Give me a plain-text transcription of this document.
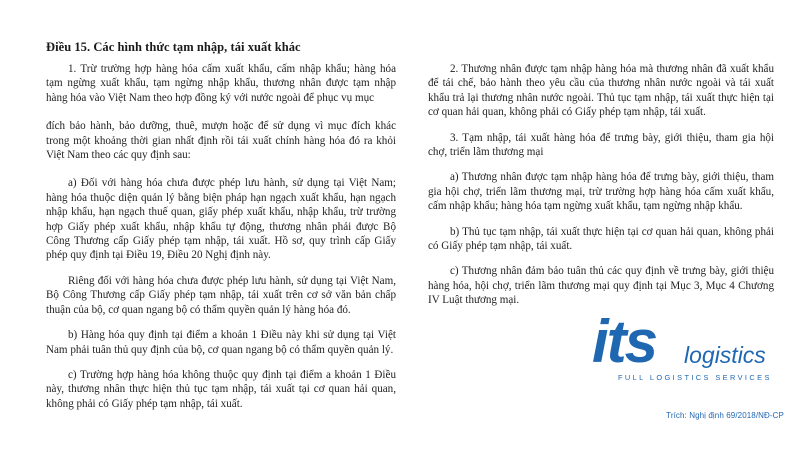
Điều 15. Các hình thức tạm nhập, tái xuất khác

1. Trừ trường hợp hàng hóa cấm xuất khẩu, cấm nhập khẩu; hàng hóa tạm ngừng xuất khẩu, tạm ngừng nhập khẩu, thương nhân được tạm nhập hàng hóa vào Việt Nam theo hợp đồng ký với nước ngoài để phục vụ mục

đích bảo hành, bảo dưỡng, thuê, mượn hoặc để sử dụng vì mục đích khác trong một khoảng thời gian nhất định rồi tái xuất chính hàng hóa đó ra khỏi Việt Nam theo các quy định sau:

a) Đối với hàng hóa chưa được phép lưu hành, sử dụng tại Việt Nam; hàng hóa thuộc diện quản lý bằng biện pháp hạn ngạch xuất khẩu, hạn ngạch nhập khẩu, hạn ngạch thuế quan, giấy phép xuất khẩu, nhập khẩu, trừ trường hợp Giấy phép xuất khẩu, nhập khẩu tự động, thương nhân phải được Bộ Công Thương cấp Giấy phép tạm nhập, tái xuất. Hồ sơ, quy trình cấp Giấy phép quy định tại Điều 19, Điều 20 Nghị định này.

Riêng đối với hàng hóa chưa được phép lưu hành, sử dụng tại Việt Nam, Bộ Công Thương cấp Giấy phép tạm nhập, tái xuất trên cơ sở văn bản chấp thuận của bộ, cơ quan ngang bộ có thẩm quyền quản lý hàng hóa đó.

b) Hàng hóa quy định tại điểm a khoản 1 Điều này khi sử dụng tại Việt Nam phải tuân thủ quy định của bộ, cơ quan ngang bộ có thẩm quyền quản lý.

c) Trường hợp hàng hóa không thuộc quy định tại điểm a khoản 1 Điều này, thương nhân thực hiện thủ tục tạm nhập, tái xuất tại cơ quan hải quan, không phải có Giấy phép tạm nhập, tái xuất.

2. Thương nhân được tạm nhập hàng hóa mà thương nhân đã xuất khẩu để tái chế, bảo hành theo yêu cầu của thương nhân nước ngoài và tái xuất khẩu trả lại thương nhân nước ngoài. Thủ tục tạm nhập, tái xuất thực hiện tại cơ quan hải quan, không phải có Giấy phép tạm nhập, tái xuất.

3. Tạm nhập, tái xuất hàng hóa để trưng bày, giới thiệu, tham gia hội chợ, triển lãm thương mại

a) Thương nhân được tạm nhập hàng hóa để trưng bày, giới thiệu, tham gia hội chợ, triển lãm thương mại, trừ trường hợp hàng hóa cấm xuất khẩu, cấm nhập khẩu; hàng hóa tạm ngừng xuất khẩu, tạm ngừng nhập khẩu.

b) Thủ tục tạm nhập, tái xuất thực hiện tại cơ quan hải quan, không phải có Giấy phép tạm nhập, tái xuất.

c) Thương nhân đảm bảo tuân thủ các quy định về trưng bày, giới thiệu hàng hóa, hội chợ, triển lãm thương mại quy định tại Mục 3, Mục 4 Chương IV Luật thương mại.

its logistics
FULL LOGISTICS SERVICES
Trích: Nghị định 69/2018/NĐ-CP
